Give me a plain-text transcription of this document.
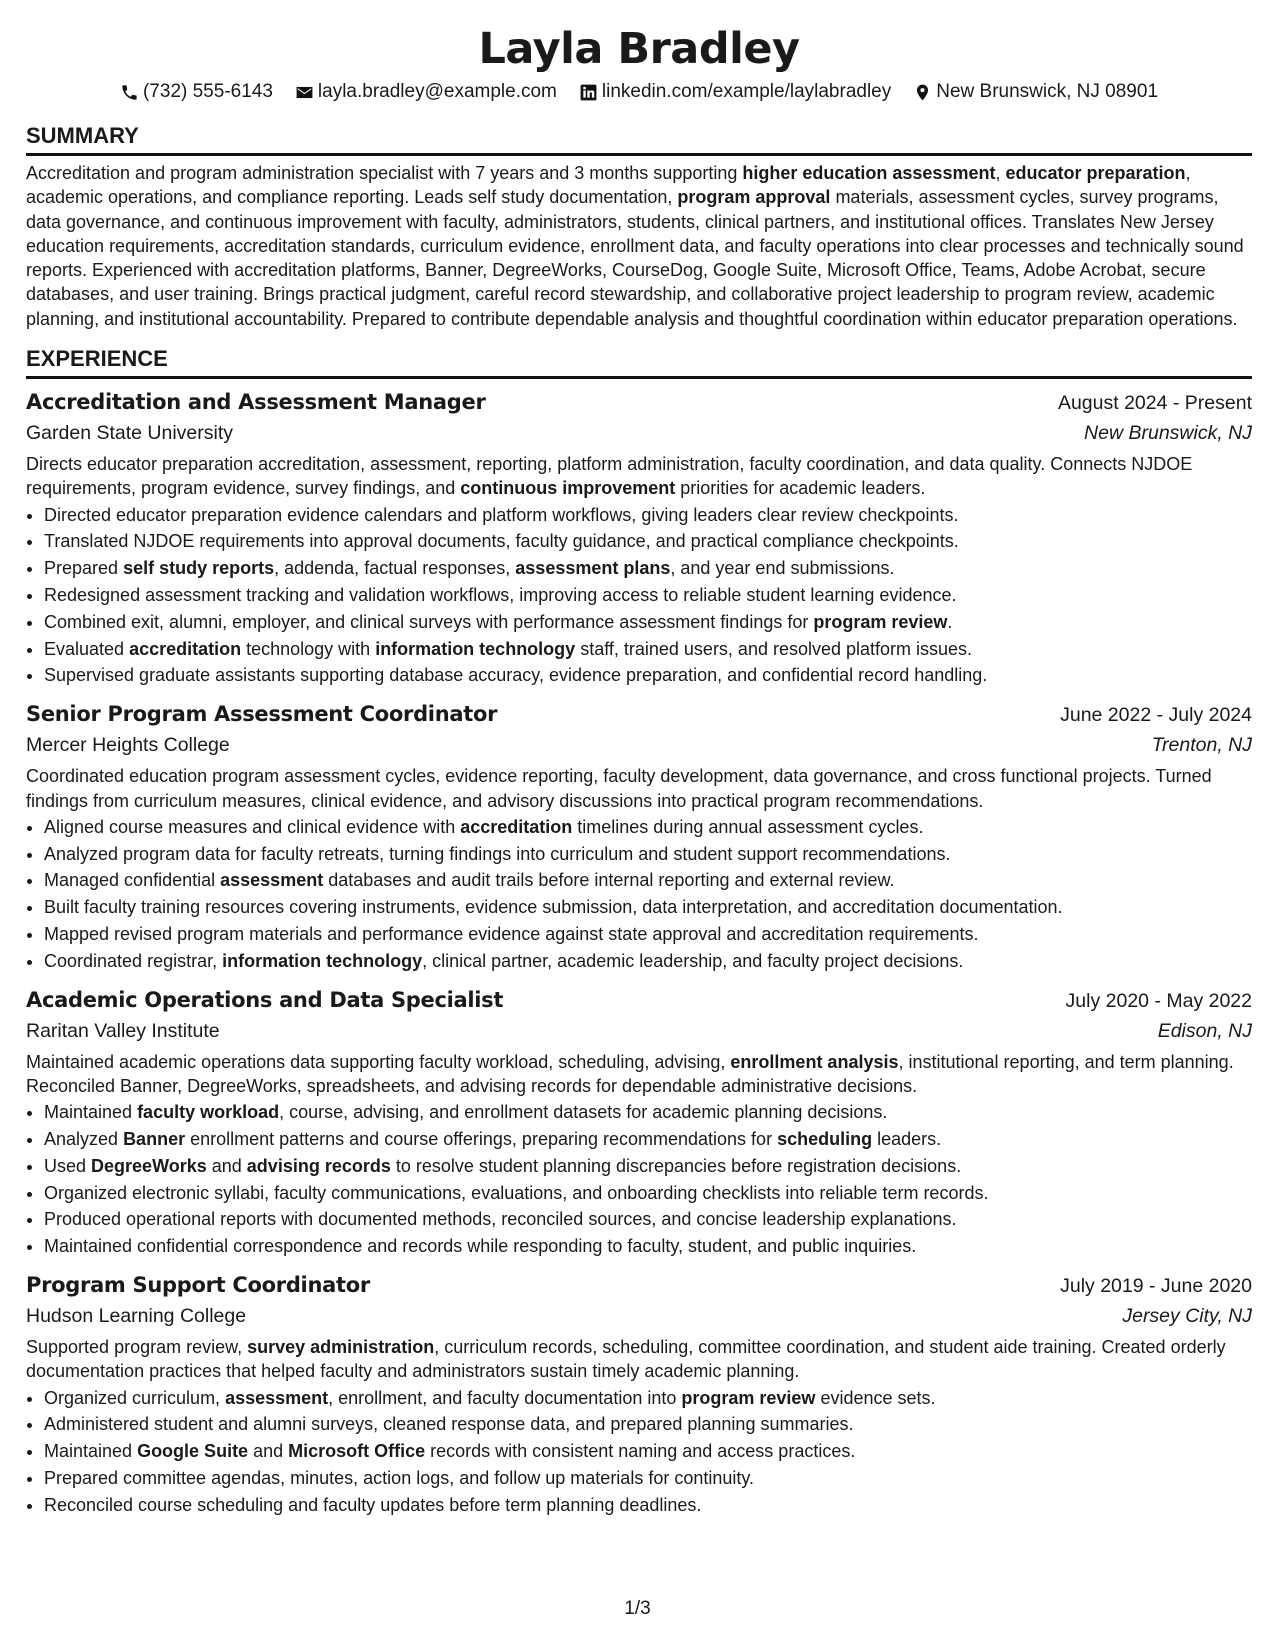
Layla Bradley
(732) 555-6143 layla.bradley@example.com linkedin.com/example/laylabradley New Brunswick, NJ 08901
SUMMARY

Accreditation and program administration specialist with 7 years and 3 months supporting higher education assessment, educator preparation, academic operations, and compliance reporting. Leads self study documentation, program approval materials, assessment cycles, survey programs, data governance, and continuous improvement with faculty, administrators, students, clinical partners, and institutional offices. Translates New Jersey education requirements, accreditation standards, curriculum evidence, enrollment data, and faculty operations into clear processes and technically sound reports. Experienced with accreditation platforms, Banner, DegreeWorks, CourseDog, Google Suite, Microsoft Office, Teams, Adobe Acrobat, secure databases, and user training. Brings practical judgment, careful record stewardship, and collaborative project leadership to program review, academic planning, and institutional accountability. Prepared to contribute dependable analysis and thoughtful coordination within educator preparation operations.

EXPERIENCE
Accreditation and Assessment Manager	August 2024 - Present
Garden State University	New Brunswick, NJ

Directs educator preparation accreditation, assessment, reporting, platform administration, faculty coordination, and data quality. Connects NJDOE requirements, program evidence, survey findings, and continuous improvement priorities for academic leaders.

• Directed educator preparation evidence calendars and platform workflows, giving leaders clear review checkpoints.
• Translated NJDOE requirements into approval documents, faculty guidance, and practical compliance checkpoints.
• Prepared self study reports, addenda, factual responses, assessment plans, and year end submissions.
• Redesigned assessment tracking and validation workflows, improving access to reliable student learning evidence.
• Combined exit, alumni, employer, and clinical surveys with performance assessment findings for program review.
• Evaluated accreditation technology with information technology staff, trained users, and resolved platform issues.
• Supervised graduate assistants supporting database accuracy, evidence preparation, and confidential record handling.
Senior Program Assessment Coordinator	June 2022 - July 2024
Mercer Heights College	Trenton, NJ

Coordinated education program assessment cycles, evidence reporting, faculty development, data governance, and cross functional projects. Turned findings from curriculum measures, clinical evidence, and advisory discussions into practical program recommendations.

• Aligned course measures and clinical evidence with accreditation timelines during annual assessment cycles.
• Analyzed program data for faculty retreats, turning findings into curriculum and student support recommendations.
• Managed confidential assessment databases and audit trails before internal reporting and external review.
• Built faculty training resources covering instruments, evidence submission, data interpretation, and accreditation documentation.
• Mapped revised program materials and performance evidence against state approval and accreditation requirements.
• Coordinated registrar, information technology, clinical partner, academic leadership, and faculty project decisions.
Academic Operations and Data Specialist	July 2020 - May 2022
Raritan Valley Institute	Edison, NJ

Maintained academic operations data supporting faculty workload, scheduling, advising, enrollment analysis, institutional reporting, and term planning. Reconciled Banner, DegreeWorks, spreadsheets, and advising records for dependable administrative decisions.

• Maintained faculty workload, course, advising, and enrollment datasets for academic planning decisions.
• Analyzed Banner enrollment patterns and course offerings, preparing recommendations for scheduling leaders.
• Used DegreeWorks and advising records to resolve student planning discrepancies before registration decisions.
• Organized electronic syllabi, faculty communications, evaluations, and onboarding checklists into reliable term records.
• Produced operational reports with documented methods, reconciled sources, and concise leadership explanations.
• Maintained confidential correspondence and records while responding to faculty, student, and public inquiries.
Program Support Coordinator	July 2019 - June 2020
Hudson Learning College	Jersey City, NJ

Supported program review, survey administration, curriculum records, scheduling, committee coordination, and student aide training. Created orderly documentation practices that helped faculty and administrators sustain timely academic planning.

• Organized curriculum, assessment, enrollment, and faculty documentation into program review evidence sets.
• Administered student and alumni surveys, cleaned response data, and prepared planning summaries.
• Maintained Google Suite and Microsoft Office records with consistent naming and access practices.
• Prepared committee agendas, minutes, action logs, and follow up materials for continuity.
• Reconciled course scheduling and faculty updates before term planning deadlines.
1/3
